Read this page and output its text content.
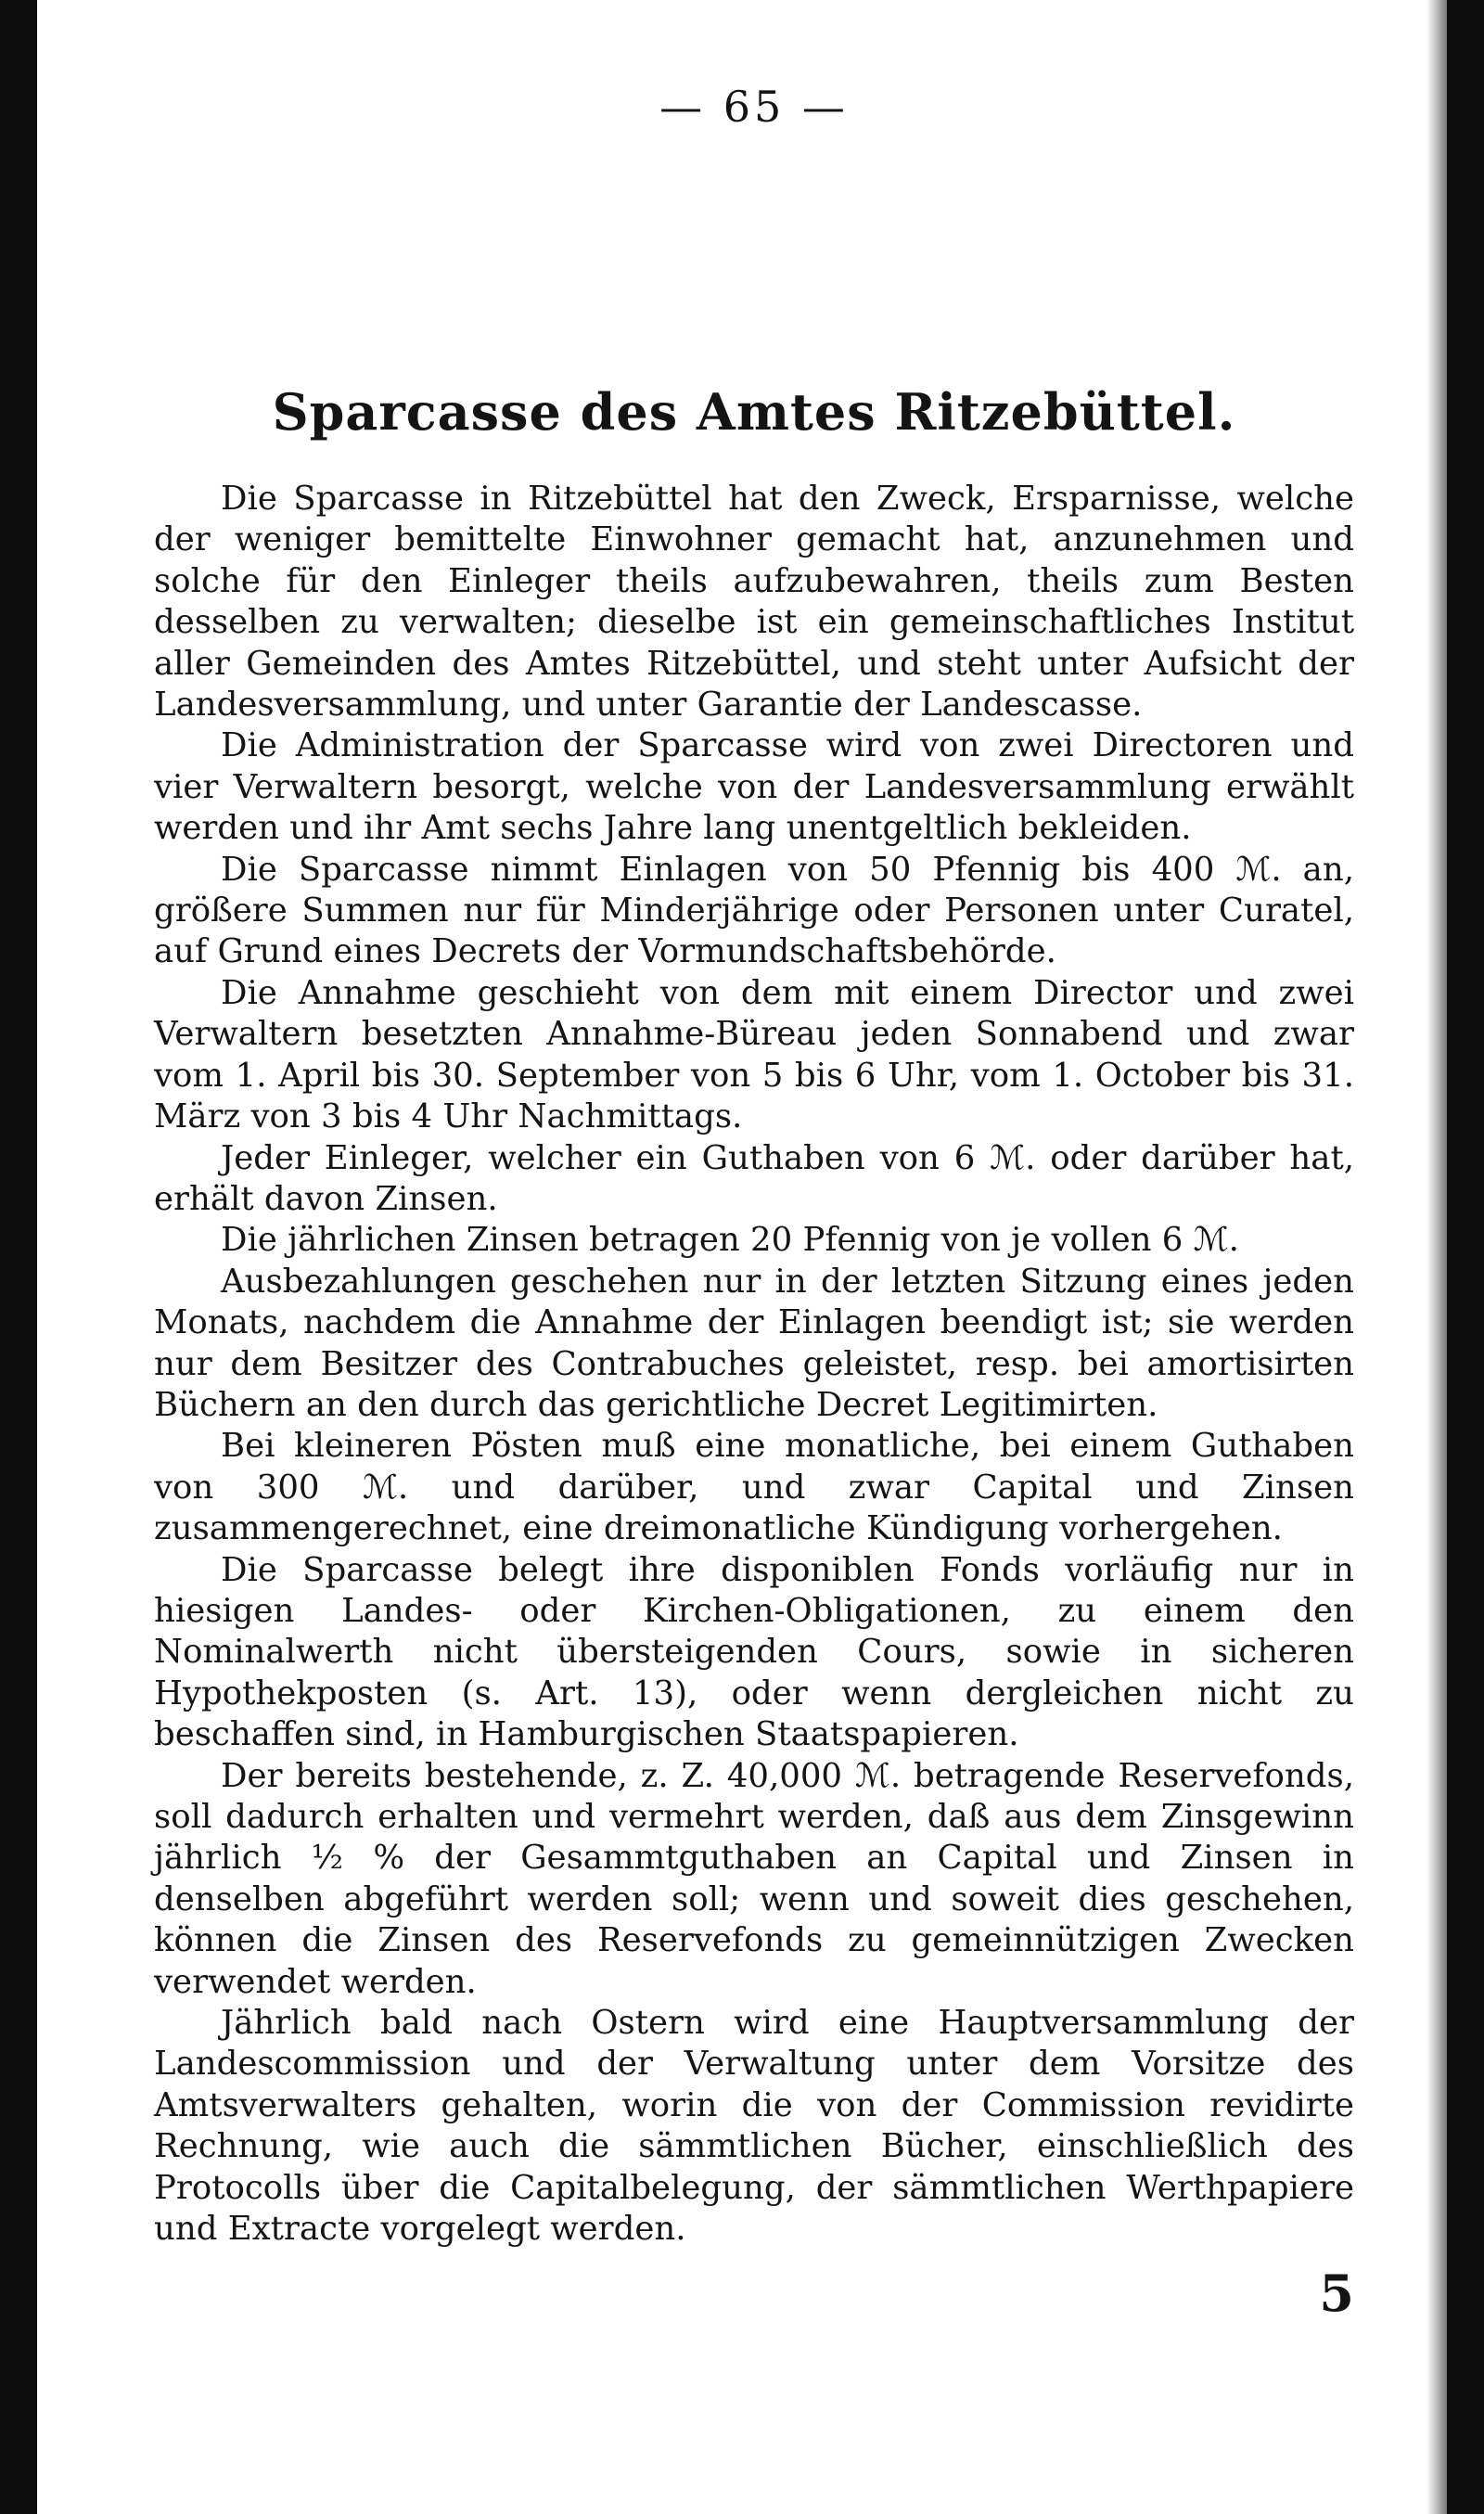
— 65 —
Sparcasse des Amtes Ritzebüttel.

Die Sparcasse in Ritzebüttel hat den Zweck, Ersparnisse, welche der weniger bemittelte Einwohner gemacht hat, anzunehmen und solche für den Einleger theils aufzubewahren, theils zum Besten desselben zu verwalten; dieselbe ist ein gemeinschaftliches Institut aller Gemeinden des Amtes Ritzebüttel, und steht unter Aufsicht der Landesversammlung, und unter Garantie der Landescasse.

Die Administration der Sparcasse wird von zwei Directoren und vier Verwaltern besorgt, welche von der Landesversammlung erwählt werden und ihr Amt sechs Jahre lang unentgeltlich bekleiden.

Die Sparcasse nimmt Einlagen von 50 Pfennig bis 400 ℳ. an, größere Summen nur für Minderjährige oder Personen unter Curatel, auf Grund eines Decrets der Vormundschaftsbehörde.

Die Annahme geschieht von dem mit einem Director und zwei Verwaltern besetzten Annahme-Büreau jeden Sonnabend und zwar vom 1. April bis 30. September von 5 bis 6 Uhr, vom 1. October bis 31. März von 3 bis 4 Uhr Nachmittags.

Jeder Einleger, welcher ein Guthaben von 6 ℳ. oder darüber hat, erhält davon Zinsen.

Die jährlichen Zinsen betragen 20 Pfennig von je vollen 6 ℳ.

Ausbezahlungen geschehen nur in der letzten Sitzung eines jeden Monats, nachdem die Annahme der Einlagen beendigt ist; sie werden nur dem Besitzer des Contrabuches geleistet, resp. bei amortisirten Büchern an den durch das gerichtliche Decret Legitimirten.

Bei kleineren Pösten muß eine monatliche, bei einem Guthaben von 300 ℳ. und darüber, und zwar Capital und Zinsen zusammengerechnet, eine dreimonatliche Kündigung vorhergehen.

Die Sparcasse belegt ihre disponiblen Fonds vorläufig nur in hiesigen Landes- oder Kirchen-Obligationen, zu einem den Nominalwerth nicht übersteigenden Cours, sowie in sicheren Hypothekposten (s. Art. 13), oder wenn dergleichen nicht zu beschaffen sind, in Hamburgischen Staatspapieren.

Der bereits bestehende, z. Z. 40,000 ℳ. betragende Reservefonds, soll dadurch erhalten und vermehrt werden, daß aus dem Zinsgewinn jährlich ½ % der Gesammtguthaben an Capital und Zinsen in denselben abgeführt werden soll; wenn und soweit dies geschehen, können die Zinsen des Reservefonds zu gemeinnützigen Zwecken verwendet werden.

Jährlich bald nach Ostern wird eine Hauptversammlung der Landescommission und der Verwaltung unter dem Vorsitze des Amtsverwalters gehalten, worin die von der Commission revidirte Rechnung, wie auch die sämmtlichen Bücher, einschließlich des Protocolls über die Capitalbelegung, der sämmtlichen Werthpapiere und Extracte vorgelegt werden.

5
